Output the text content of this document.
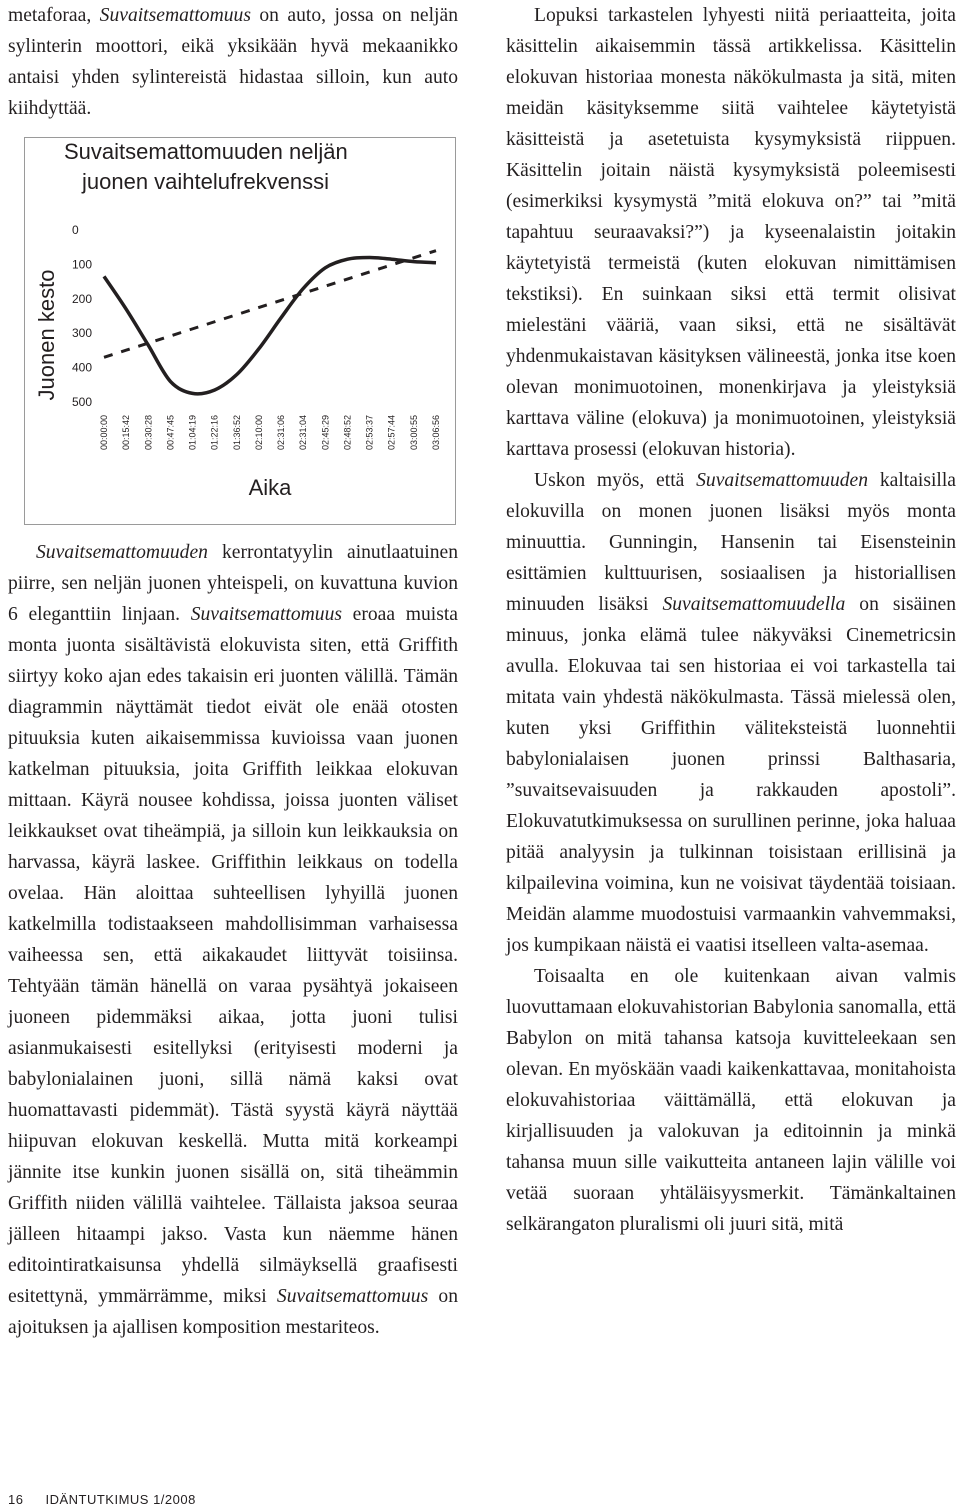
metaforaa, Suvaitsemattomuus on auto, jossa on neljän sylinterin moottori, eikä yksikään hyvä mekaanikko antaisi yhden sylintereistä hidastaa silloin, kun auto kiihdyttää.

Suvaitsemattomuuden neljän
juonen vaihtelufrekvenssi
Juonen kesto
Aika
0
100
200
300
400
500
00:00:00 00:15:42 00:30:28 00:47:45 01:04:19 01:22:16 01:36:52 02:10:00 02:31:06 02:31:04 02:45:29 02:48:52 02:53:37 02:57:44 03:00:55 03:06:56

Suvaitsemattomuuden kerrontatyylin ainutlaatuinen piirre, sen neljän juonen yhteispeli, on kuvattuna kuvion 6 eleganttiin linjaan. Suvaitsemattomuus eroaa muista monta juonta sisältävistä elokuvista siten, että Griffith siirtyy koko ajan edes takaisin eri juonten välillä. Tämän diagrammin näyttämät tiedot eivät ole enää otosten pituuksia kuten aikaisemmissa kuvioissa vaan juonen katkelman pituuksia, joita Griffith leikkaa elokuvan mittaan. Käyrä nousee kohdissa, joissa juonten väliset leikkaukset ovat tiheämpiä, ja silloin kun leikkauksia on harvassa, käyrä laskee. Griffithin leikkaus on todella ovelaa. Hän aloittaa suhteellisen lyhyillä juonen katkelmilla todistaakseen mahdollisimman varhaisessa vaiheessa sen, että aikakaudet liittyvät toisiinsa. Tehtyään tämän hänellä on varaa pysähtyä jokaiseen juoneen pidemmäksi aikaa, jotta juoni tulisi asianmukaisesti esitellyksi (erityisesti moderni ja babylonialainen juoni, sillä nämä kaksi ovat huomattavasti pidemmät). Tästä syystä käyrä näyttää hiipuvan elokuvan keskellä. Mutta mitä korkeampi jännite itse kunkin juonen sisällä on, sitä tiheämmin Griffith niiden välillä vaihtelee. Tällaista jaksoa seuraa jälleen hitaampi jakso. Vasta kun näemme hänen editointiratkaisunsa yhdellä silmäyksellä graafisesti esitettynä, ymmärrämme, miksi Suvaitsemattomuus on ajoituksen ja ajallisen komposition mestariteos.

Lopuksi tarkastelen lyhyesti niitä periaatteita, joita käsittelin aikaisemmin tässä artikkelissa. Käsittelin elokuvan historiaa monesta näkökulmasta ja sitä, miten meidän käsityksemme siitä vaihtelee käytetyistä käsitteistä ja asetetuista kysymyksistä riippuen. Käsittelin joitain näistä kysymyksistä poleemisesti (esimerkiksi kysymystä ”mitä elokuva on?” tai ”mitä tapahtuu seuraavaksi?”) ja kyseenalaistin joitakin käytetyistä termeistä (kuten elokuvan nimittämisen tekstiksi). En suinkaan siksi että termit olisivat mielestäni vääriä, vaan siksi, että ne sisältävät yhdenmukaistavan käsityksen välineestä, jonka itse koen olevan monimuotoinen, monenkirjava ja yleistyksiä karttava väline (elokuva) ja monimuotoinen, yleistyksiä karttava prosessi (elokuvan historia).

Uskon myös, että Suvaitsemattomuuden kaltaisilla elokuvilla on monen juonen lisäksi myös monta minuuttia. Gunningin, Hansenin tai Eisensteinin esittämien kulttuurisen, sosiaalisen ja historiallisen minuuden lisäksi Suvaitsemattomuudella on sisäinen minuus, jonka elämä tulee näkyväksi Cinemetricsin avulla. Elokuvaa tai sen historiaa ei voi tarkastella tai mitata vain yhdestä näkökulmasta. Tässä mielessä olen, kuten yksi Griffithin väliteksteistä luonnehtii babylonialaisen juonen prinssi Balthasaria, ”suvaitsevaisuuden ja rakkauden apostoli”. Elokuvatutkimuksessa on surullinen perinne, joka haluaa pitää analyysin ja tulkinnan toisistaan erillisinä ja kilpailevina voimina, kun ne voisivat täydentää toisiaan. Meidän alamme muodostuisi varmaankin vahvemmaksi, jos kumpikaan näistä ei vaatisi itselleen valta-asemaa.

Toisaalta en ole kuitenkaan aivan valmis luovuttamaan elokuvahistorian Babylonia sanomalla, että Babylon on mitä tahansa katsoja kuvitteleekaan sen olevan. En myöskään vaadi kaikenkattavaa, monitahoista elokuvahistoriaa väittämällä, että elokuvan ja kirjallisuuden ja valokuvan ja editoinnin ja minkä tahansa muun sille vaikutteita antaneen lajin välille voi vetää suoraan yhtäläisyysmerkit. Tämänkaltainen selkärangaton pluralismi oli juuri sitä, mitä

16 IDÄNTUTKIMUS 1/2008
